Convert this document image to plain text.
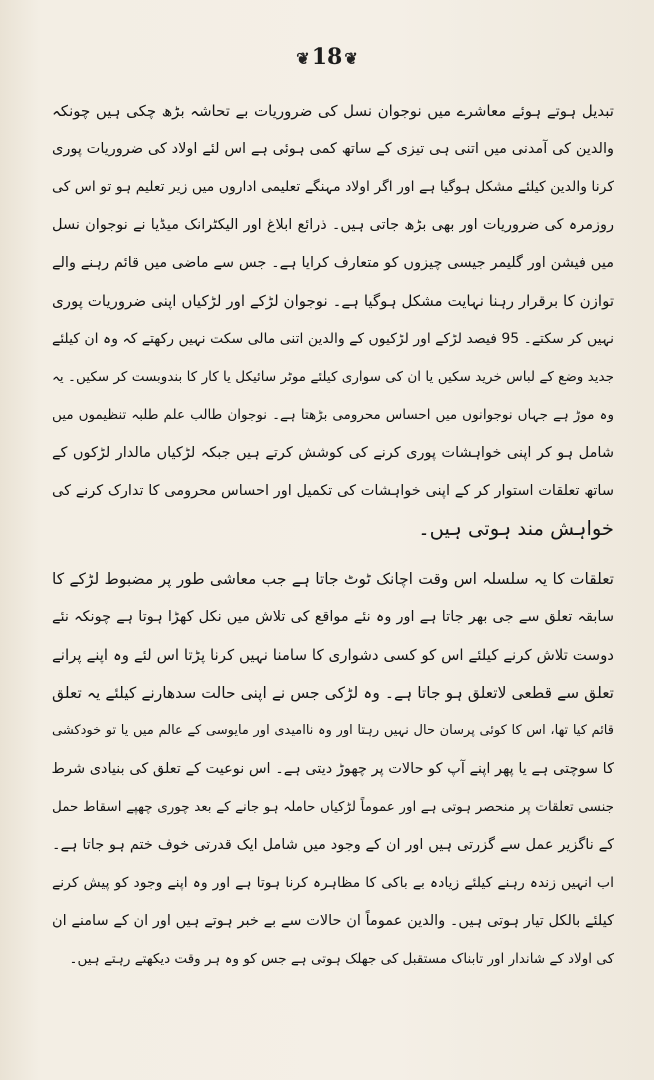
❦18 ❦

تبدیل ہوتے ہوئے معاشرے میں نوجوان نسل کی ضروریات بے تحاشہ بڑھ چکی ہیں چونکہ
والدین کی آمدنی میں اتنی ہی تیزی کے ساتھ کمی ہوئی ہے اس لئے اولاد کی ضروریات پوری
کرنا والدین کیلئے مشکل ہوگیا ہے اور اگر اولاد مہنگے تعلیمی اداروں میں زیر تعلیم ہو تو اس کی
روزمرہ کی ضروریات اور بھی بڑھ جاتی ہیں۔ ذرائع ابلاغ اور الیکٹرانک میڈیا نے نوجوان نسل
میں فیشن اور گلیمر جیسی چیزوں کو متعارف کرایا ہے۔ جس سے ماضی میں قائم رہنے والے
توازن کا برقرار رہنا نہایت مشکل ہوگیا ہے۔ نوجوان لڑکے اور لڑکیاں اپنی ضروریات پوری
نہیں کر سکتے۔ 95 فیصد لڑکے اور لڑکیوں کے والدین اتنی مالی سکت نہیں رکھتے کہ وہ ان کیلئے
جدید وضع کے لباس خرید سکیں یا ان کی سواری کیلئے موٹر سائیکل یا کار کا بندوبست کر سکیں۔ یہ
وہ موڑ ہے جہاں نوجوانوں میں احساس محرومی بڑھتا ہے۔ نوجوان طالب علم طلبہ تنظیموں میں
شامل ہو کر اپنی خواہشات پوری کرنے کی کوشش کرتے ہیں جبکہ لڑکیاں مالدار لڑکوں کے
ساتھ تعلقات استوار کر کے اپنی خواہشات کی تکمیل اور احساس محرومی کا تدارک کرنے کی
خواہش مند ہوتی ہیں۔

تعلقات کا یہ سلسلہ اس وقت اچانک ٹوٹ جاتا ہے جب معاشی طور پر مضبوط لڑکے کا
سابقہ تعلق سے جی بھر جاتا ہے اور وہ نئے مواقع کی تلاش میں نکل کھڑا ہوتا ہے چونکہ نئے
دوست تلاش کرنے کیلئے اس کو کسی دشواری کا سامنا نہیں کرنا پڑتا اس لئے وہ اپنے پرانے
تعلق سے قطعی لاتعلق ہو جاتا ہے۔ وہ لڑکی جس نے اپنی حالت سدھارنے کیلئے یہ تعلق
قائم کیا تھا، اس کا کوئی پرسان حال نہیں رہتا اور وہ ناامیدی اور مایوسی کے عالم میں یا تو خودکشی
کا سوچتی ہے یا پھر اپنے آپ کو حالات پر چھوڑ دیتی ہے۔ اس نوعیت کے تعلق کی بنیادی شرط
جنسی تعلقات پر منحصر ہوتی ہے اور عموماً لڑکیاں حاملہ ہو جانے کے بعد چوری چھپے اسقاط حمل
کے ناگزیر عمل سے گزرتی ہیں اور ان کے وجود میں شامل ایک قدرتی خوف ختم ہو جاتا ہے۔
اب انہیں زندہ رہنے کیلئے زیادہ بے باکی کا مظاہرہ کرنا ہوتا ہے اور وہ اپنے وجود کو پیش کرنے
کیلئے بالکل تیار ہوتی ہیں۔ والدین عموماً ان حالات سے بے خبر ہوتے ہیں اور ان کے سامنے ان
کی اولاد کے شاندار اور تابناک مستقبل کی جھلک ہوتی ہے جس کو وہ ہر وقت دیکھتے رہتے ہیں۔
